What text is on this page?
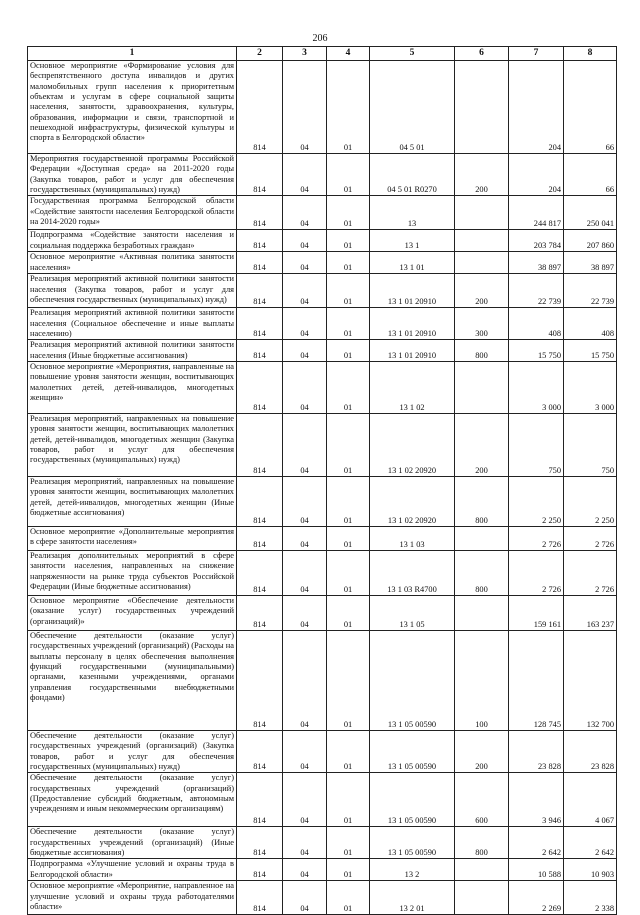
206
1	2	3	4	5	6	7	8
Основное мероприятие «Формирование условия для беспрепятственного доступа инвалидов и других маломобильных групп населения к приоритетным объектам и услугам в сфере социальной защиты населения, занятости, здравоохранения, культуры, образования, информации и связи, транспортной и пешеходной инфраструктуры, физической культуры и спорта в Белгородской области»	814	04	01	04 5 01		204	66
Мероприятия государственной программы Российской Федерации «Доступная среда» на 2011-2020 годы (Закупка товаров, работ и услуг для обеспечения государственных (муниципальных) нужд)	814	04	01	04 5 01 R0270	200	204	66
Государственная программа Белгородской области «Содействие занятости населения Белгородской области на 2014-2020 годы»	814	04	01	13		244 817	250 041
Подпрограмма «Содействие занятости населения и социальная поддержка безработных граждан»	814	04	01	13 1		203 784	207 860
Основное мероприятие «Активная политика занятости населения»	814	04	01	13 1 01		38 897	38 897
Реализация мероприятий активной политики занятости населения (Закупка товаров, работ и услуг для обеспечения государственных (муниципальных) нужд)	814	04	01	13 1 01 20910	200	22 739	22 739
Реализация мероприятий активной политики занятости населения (Социальное обеспечение и иные выплаты населению)	814	04	01	13 1 01 20910	300	408	408
Реализация мероприятий активной политики занятости населения (Иные бюджетные ассигнования)	814	04	01	13 1 01 20910	800	15 750	15 750
Основное мероприятие «Мероприятия, направленные на повышение уровня занятости женщин, воспитывающих малолетних детей, детей-инвалидов, многодетных женщин»	814	04	01	13 1 02		3 000	3 000
Реализация мероприятий, направленных на повышение уровня занятости женщин, воспитывающих малолетних детей, детей-инвалидов, многодетных женщин (Закупка товаров, работ и услуг для обеспечения государственных (муниципальных) нужд)	814	04	01	13 1 02 20920	200	750	750
Реализация мероприятий, направленных на повышение уровня занятости женщин, воспитывающих малолетних детей, детей-инвалидов, многодетных женщин (Иные бюджетные ассигнования)	814	04	01	13 1 02 20920	800	2 250	2 250
Основное мероприятие «Дополнительные мероприятия в сфере занятости населения»	814	04	01	13 1 03		2 726	2 726
Реализация дополнительных мероприятий в сфере занятости населения, направленных на снижение напряженности на рынке труда субъектов Российской Федерации (Иные бюджетные ассигнования)	814	04	01	13 1 03 R4700	800	2 726	2 726
Основное мероприятие «Обеспечение деятельности (оказание услуг) государственных учреждений (организаций)»	814	04	01	13 1 05		159 161	163 237
Обеспечение деятельности (оказание услуг) государственных учреждений (организаций) (Расходы на выплаты персоналу в целях обеспечения выполнения функций государственными (муниципальными) органами, казенными учреждениями, органами управления государственными внебюджетными фондами)	814	04	01	13 1 05 00590	100	128 745	132 700
Обеспечение деятельности (оказание услуг) государственных учреждений (организаций) (Закупка товаров, работ и услуг для обеспечения государственных (муниципальных) нужд)	814	04	01	13 1 05 00590	200	23 828	23 828
Обеспечение деятельности (оказание услуг) государственных учреждений (организаций) (Предоставление субсидий бюджетным, автономным учреждениям и иным некоммерческим организациям)	814	04	01	13 1 05 00590	600	3 946	4 067
Обеспечение деятельности (оказание услуг) государственных учреждений (организаций) (Иные бюджетные ассигнования)	814	04	01	13 1 05 00590	800	2 642	2 642
Подпрограмма «Улучшение условий и охраны труда в Белгородской области»	814	04	01	13 2		10 588	10 903
Основное мероприятие «Мероприятие, направленное на улучшение условий и охраны труда работодателями области»	814	04	01	13 2 01		2 269	2 338
